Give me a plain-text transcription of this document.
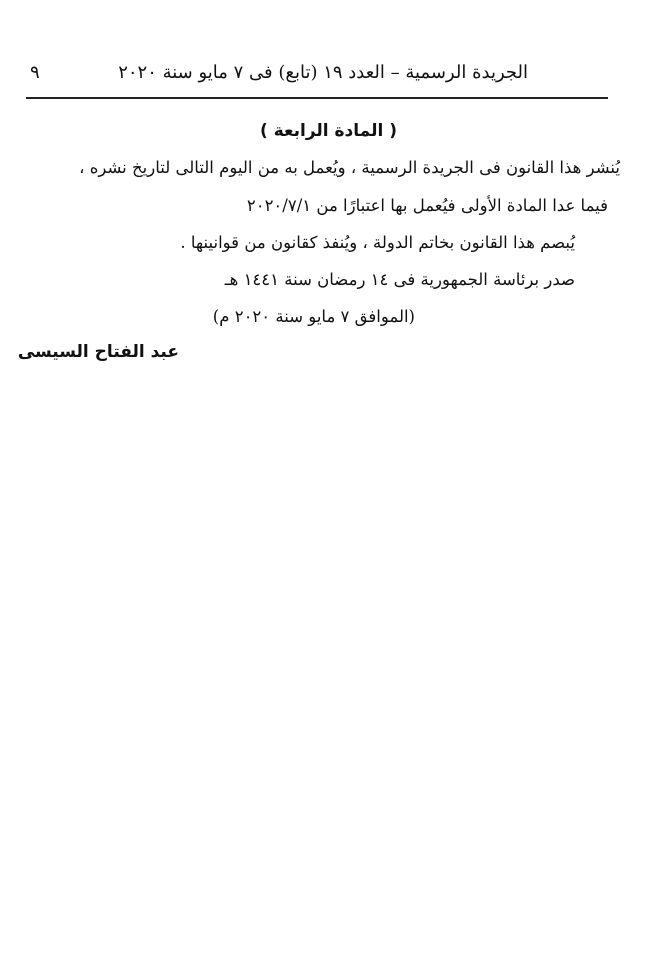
الجريدة الرسمية – العدد ١٩ (تابع) فى ٧ مايو سنة ٢٠٢٠
٩
( المادة الرابعة )
يُنشر هذا القانون فى الجريدة الرسمية ، ويُعمل به من اليوم التالى لتاريخ نشره ،
فيما عدا المادة الأولى فيُعمل بها اعتبارًا من ٢٠٢٠/٧/١
يُبصم هذا القانون بخاتم الدولة ، ويُنفذ كقانون من قوانينها .
صدر برئاسة الجمهورية فى ١٤ رمضان سنة ١٤٤١ هـ
(الموافق ٧ مايو سنة ٢٠٢٠ م)
عبد الفتاح السيسى
